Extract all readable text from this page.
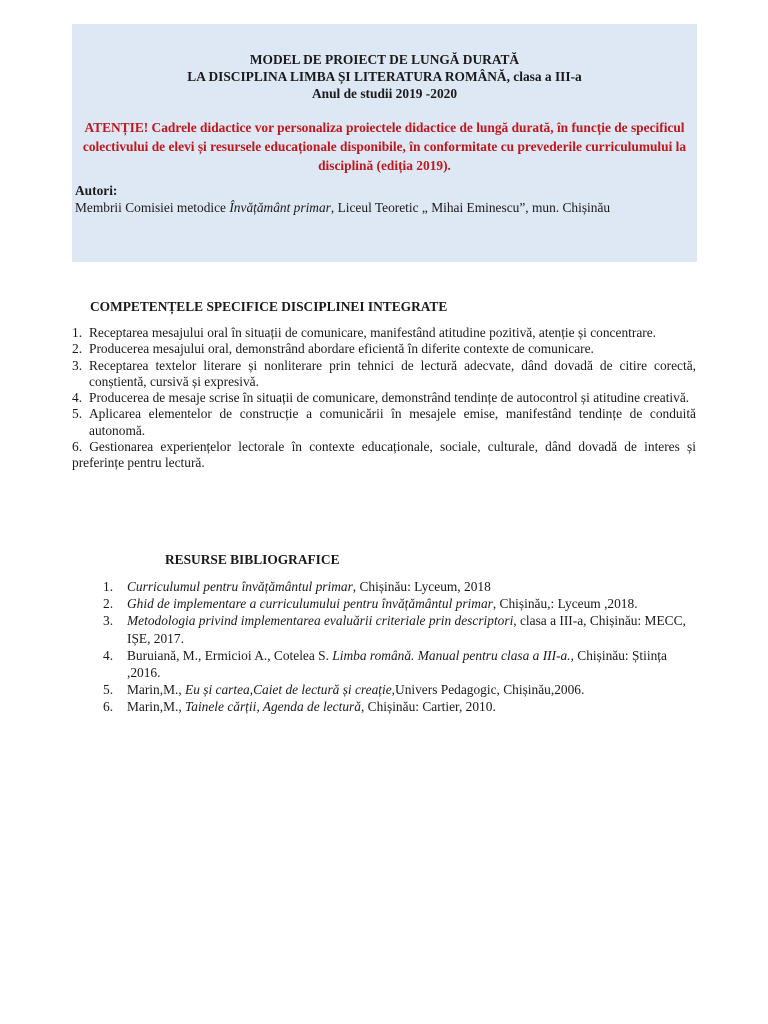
MODEL DE PROIECT DE LUNGĂ DURATĂ
LA DISCIPLINA LIMBA ȘI LITERATURA ROMÂNĂ, clasa a III-a
Anul de studii 2019 -2020
ATENȚIE! Cadrele didactice vor personaliza proiectele didactice de lungă durată, în funcție de specificul colectivului de elevi și resursele educaționale disponibile, în conformitate cu prevederile curriculumului la disciplină (ediția 2019).
Autori:
Membrii Comisiei metodice Învățământ primar, Liceul Teoretic „ Mihai Eminescu”, mun. Chișinău
COMPETENȚELE SPECIFICE DISCIPLINEI INTEGRATE
1. Receptarea mesajului oral în situații de comunicare, manifestând atitudine pozitivă, atenție și concentrare.
2. Producerea mesajului oral, demonstrând abordare eficientă în diferite contexte de comunicare.
3. Receptarea textelor literare și nonliterare prin tehnici de lectură adecvate, dând dovadă de citire corectă, conștientă, cursivă și expresivă.
4. Producerea de mesaje scrise în situații de comunicare, demonstrând tendințe de autocontrol și atitudine creativă.
5. Aplicarea elementelor de construcție a comunicării în mesajele emise, manifestând tendințe de conduită autonomă.
6. Gestionarea experiențelor lectorale în contexte educaționale, sociale, culturale, dând dovadă de interes și preferințe pentru lectură.
RESURSE BIBLIOGRAFICE
1. Curriculumul pentru învățământul primar, Chișinău: Lyceum, 2018
2. Ghid de implementare a curriculumului pentru învățământul primar, Chișinău,: Lyceum ,2018.
3. Metodologia privind implementarea evaluării criteriale prin descriptori, clasa a III-a, Chișinău: MECC, IȘE, 2017.
4. Buruiană, M., Ermicioi A., Cotelea S. Limba română. Manual pentru clasa a III-a., Chișinău: Știința ,2016.
5. Marin,M., Eu și cartea,Caiet de lectură și creație,Univers Pedagogic, Chișinău,2006.
6. Marin,M., Tainele cărții, Agenda de lectură, Chișinău: Cartier, 2010.
